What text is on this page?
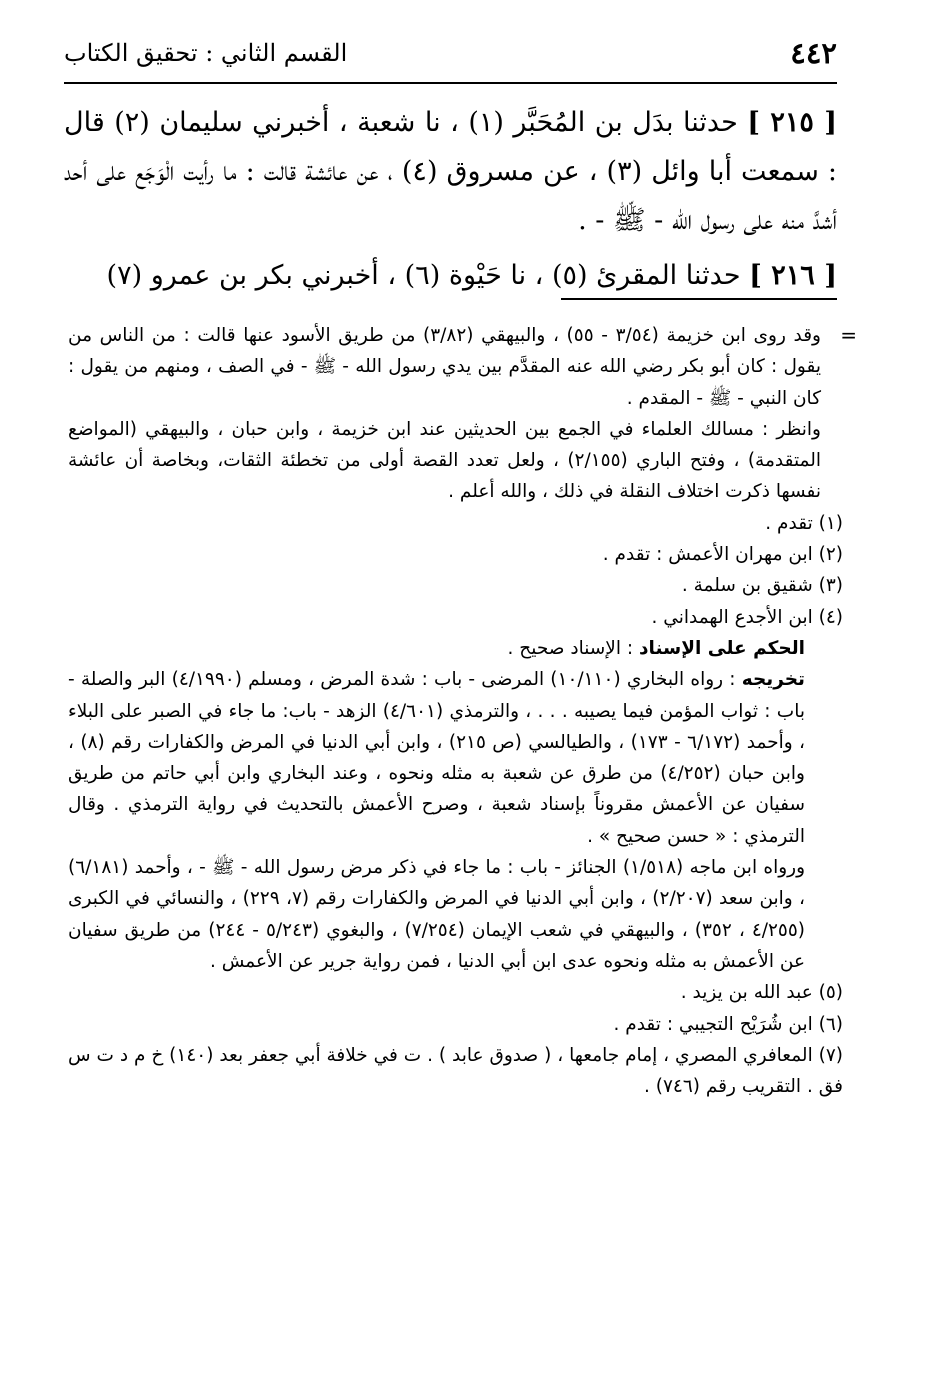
٤٤٢
القسم الثاني : تحقيق الكتاب

[ ٢١٥ ] حدثنا بدَل بن المُحَبَّر (١) ، نا شعبة ، أخبرني سليمان (٢) قال : سمعت أبا وائل (٣) ، عن مسروق (٤) ، عن عائشة قالت : ما رأيت الْوَجَع على أحد أشدَّ منه على رسول الله - ﷺ - .

[ ٢١٦ ] حدثنا المقرئ (٥) ، نا حَيْوة (٦) ، أخبرني بكر بن عمرو (٧)

=
وقد روى ابن خزيمة (٣/٥٤ - ٥٥) ، والبيهقي (٣/٨٢) من طريق الأسود عنها قالت : من الناس من يقول : كان أبو بكر رضي الله عنه المقدَّم بين يدي رسول الله - ﷺ - في الصف ، ومنهم من يقول : كان النبي - ﷺ - المقدم .

وانظر : مسالك العلماء في الجمع بين الحديثين عند ابن خزيمة ، وابن حبان ، والبيهقي (المواضع المتقدمة) ، وفتح الباري (٢/١٥٥) ، ولعل تعدد القصة أولى من تخطئة الثقات، وبخاصة أن عائشة نفسها ذكرت اختلاف النقلة في ذلك ، والله أعلم .

(١) تقدم .

(٢) ابن مهران الأعمش : تقدم .

(٣) شقيق بن سلمة .

(٤) ابن الأجدع الهمداني .

الحكم على الإسناد : الإسناد صحيح .

تخريجه : رواه البخاري (١٠/١١٠) المرضى - باب : شدة المرض ، ومسلم (٤/١٩٩٠) البر والصلة - باب : ثواب المؤمن فيما يصيبه . . . ، والترمذي (٤/٦٠١) الزهد - باب: ما جاء في الصبر على البلاء ، وأحمد (٦/١٧٢ - ١٧٣) ، والطيالسي (ص ٢١٥) ، وابن أبي الدنيا في المرض والكفارات رقم (٨) ، وابن حبان (٤/٢٥٢) من طرق عن شعبة به مثله ونحوه ، وعند البخاري وابن أبي حاتم من طريق سفيان عن الأعمش مقروناً بإسناد شعبة ، وصرح الأعمش بالتحديث في رواية الترمذي . وقال الترمذي : « حسن صحيح » .

ورواه ابن ماجه (١/٥١٨) الجنائز - باب : ما جاء في ذكر مرض رسول الله - ﷺ - ، وأحمد (٦/١٨١) ، وابن سعد (٢/٢٠٧) ، وابن أبي الدنيا في المرض والكفارات رقم (٧، ٢٢٩) ، والنسائي في الكبرى (٤/٢٥٥ ، ٣٥٢) ، والبيهقي في شعب الإيمان (٧/٢٥٤) ، والبغوي (٥/٢٤٣ - ٢٤٤) من طريق سفيان عن الأعمش به مثله ونحوه عدى ابن أبي الدنيا ، فمن رواية جرير عن الأعمش .

(٥) عبد الله بن يزيد .

(٦) ابن شُرَيْح التجيبي : تقدم .

(٧) المعافري المصري ، إمام جامعها ، ( صدوق عابد ) . ت في خلافة أبي جعفر بعد (١٤٠) خ م د ت س فق . التقريب رقم (٧٤٦) .
